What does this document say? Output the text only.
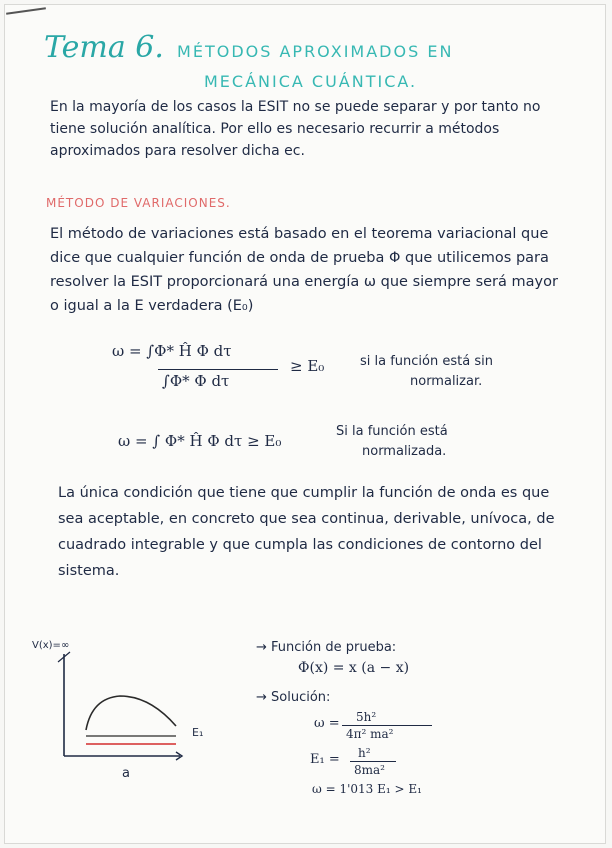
Tema 6. MÉTODOS APROXIMADOS EN
MECÁNICA CUÁNTICA.
En la mayoría de los casos la ESIT no se puede separar y por tanto no tiene solución analítica. Por ello es necesario recurrir a métodos aproximados para resolver dicha ec.
MÉTODO DE VARIACIONES.
El método de variaciones está basado en el teorema variacional que dice que cualquier función de onda de prueba Φ que utilicemos para resolver la ESIT proporcionará una energía ω que siempre será mayor o igual a la E verdadera (E₀)
ω = ∫Φ* Ĥ Φ dτ
∫Φ* Φ dτ
≥ E₀	si la función está sin
normalizar.
ω = ∫ Φ* Ĥ Φ dτ ≥ E₀
Si la función está
normalizada.
La única condición que tiene que cumplir la función de onda es que sea aceptable, en concreto que sea continua, derivable, unívoca, de cuadrado integrable y que cumpla las condiciones de contorno del sistema.
V(x)=∞
E₁
a
→ Función de prueba:
Φ(x) = x (a − x)
→ Solución:
ω = 5h²
4π² ma²
E₁ = h²
8ma²
ω = 1'013 E₁ > E₁
